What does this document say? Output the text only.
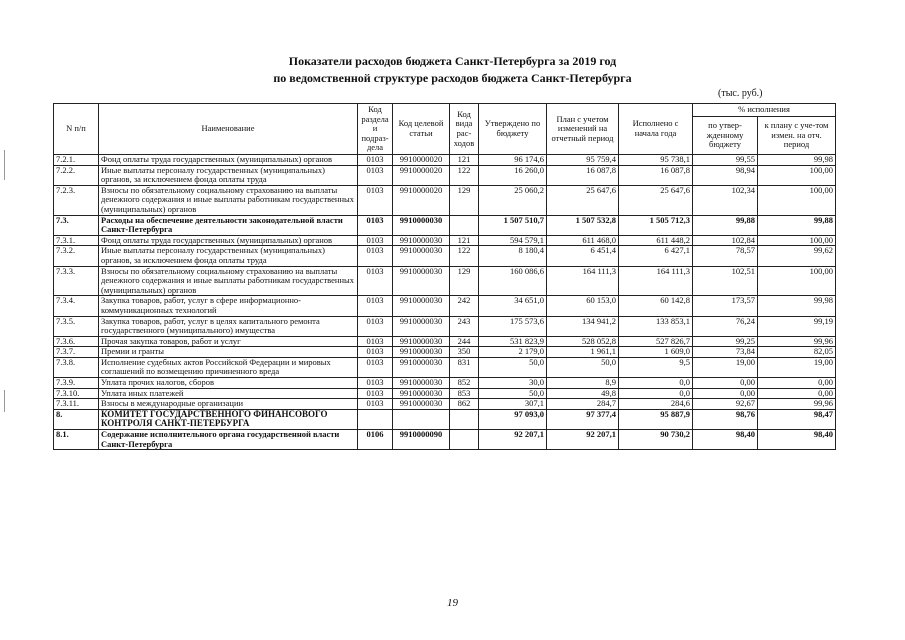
Показатели расходов бюджета Санкт-Петербурга за 2019 год
по ведомственной структуре расходов бюджета Санкт-Петербурга
(тыс. руб.)
N п/п	Наименование	Код раздела и подраз-дела	Код целевой статьи	Код вида рас-ходов	Утверждено по бюджету	План с учетом изменений на отчетный период	Исполнено с начала года	% исполнения	
								по утвер-жденному бюджету	к плану с уче-том измен. на отч. период
7.2.1.	Фонд оплаты труда государственных (муниципальных) органов	0103	9910000020	121	96 174,6	95 759,4	95 738,1	99,55	99,98
7.2.2.	Иные выплаты персоналу государственных (муниципальных) органов, за исключением фонда оплаты труда	0103	9910000020	122	16 260,0	16 087,8	16 087,8	98,94	100,00
7.2.3.	Взносы по обязательному социальному страхованию на выплаты денежного содержания и иные выплаты работникам государственных (муниципальных) органов	0103	9910000020	129	25 060,2	25 647,6	25 647,6	102,34	100,00
7.3.	Расходы на обеспечение деятельности законодательной власти Санкт-Петербурга	0103	9910000030		1 507 510,7	1 507 532,8	1 505 712,3	99,88	99,88
7.3.1.	Фонд оплаты труда государственных (муниципальных) органов	0103	9910000030	121	594 579,1	611 468,0	611 448,2	102,84	100,00
7.3.2.	Иные выплаты персоналу государственных (муниципальных) органов, за исключением фонда оплаты труда	0103	9910000030	122	8 180,4	6 451,4	6 427,1	78,57	99,62
7.3.3.	Взносы по обязательному социальному страхованию на выплаты денежного содержания и иные выплаты работникам государственных (муниципальных) органов	0103	9910000030	129	160 086,6	164 111,3	164 111,3	102,51	100,00
7.3.4.	Закупка товаров, работ, услуг в сфере информационно-коммуникационных технологий	0103	9910000030	242	34 651,0	60 153,0	60 142,8	173,57	99,98
7.3.5.	Закупка товаров, работ, услуг в целях капитального ремонта государственного (муниципального) имущества	0103	9910000030	243	175 573,6	134 941,2	133 853,1	76,24	99,19
7.3.6.	Прочая закупка товаров, работ и услуг	0103	9910000030	244	531 823,9	528 052,8	527 826,7	99,25	99,96
7.3.7.	Премии и гранты	0103	9910000030	350	2 179,0	1 961,1	1 609,0	73,84	82,05
7.3.8.	Исполнение судебных актов Российской Федерации и мировых соглашений по возмещению причиненного вреда	0103	9910000030	831	50,0	50,0	9,5	19,00	19,00
7.3.9.	Уплата прочих налогов, сборов	0103	9910000030	852	30,0	8,9	0,0	0,00	0,00
7.3.10.	Уплата иных платежей	0103	9910000030	853	50,0	49,8	0,0	0,00	0,00
7.3.11.	Взносы в международные организации	0103	9910000030	862	307,1	284,7	284,6	92,67	99,96
8.	КОМИТЕТ ГОСУДАРСТВЕННОГО ФИНАНСОВОГО КОНТРОЛЯ САНКТ-ПЕТЕРБУРГА				97 093,0	97 377,4	95 887,9	98,76	98,47
8.1.	Содержание исполнительного органа государственной власти Санкт-Петербурга	0106	9910000090		92 207,1	92 207,1	90 730,2	98,40	98,40
19
